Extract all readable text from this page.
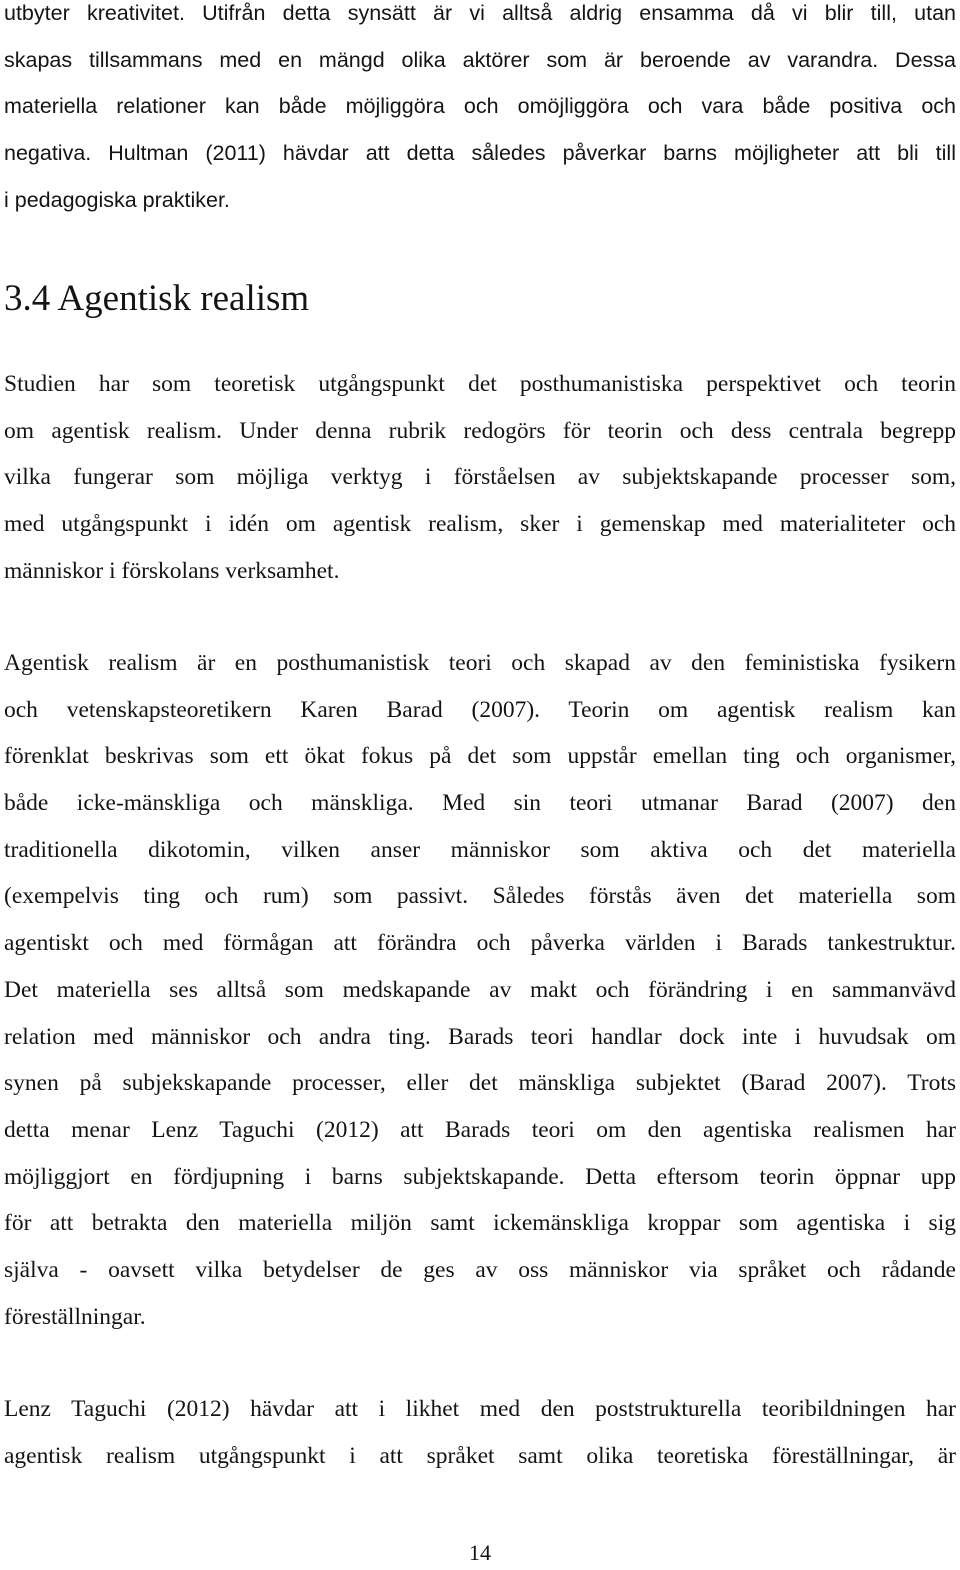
utbyter kreativitet. Utifrån detta synsätt är vi alltså aldrig ensamma då vi blir till, utan
skapas tillsammans med en mängd olika aktörer som är beroende av varandra. Dessa
materiella relationer kan både möjliggöra och omöjliggöra och vara både positiva och
negativa. Hultman (2011) hävdar att detta således påverkar barns möjligheter att bli till
i pedagogiska praktiker.
3.4 Agentisk realism
Studien har som teoretisk utgångspunkt det posthumanistiska perspektivet och teorin
om agentisk realism. Under denna rubrik redogörs för teorin och dess centrala begrepp
vilka fungerar som möjliga verktyg i förståelsen av subjektskapande processer som,
med utgångspunkt i idén om agentisk realism, sker i gemenskap med materialiteter och
människor i förskolans verksamhet.
Agentisk realism är en posthumanistisk teori och skapad av den feministiska fysikern
och vetenskapsteoretikern Karen Barad (2007). Teorin om agentisk realism kan
förenklat beskrivas som ett ökat fokus på det som uppstår emellan ting och organismer,
både icke-mänskliga och mänskliga. Med sin teori utmanar Barad (2007) den
traditionella dikotomin, vilken anser människor som aktiva och det materiella
(exempelvis ting och rum) som passivt. Således förstås även det materiella som
agentiskt och med förmågan att förändra och påverka världen i Barads tankestruktur.
Det materiella ses alltså som medskapande av makt och förändring i en sammanvävd
relation med människor och andra ting. Barads teori handlar dock inte i huvudsak om
synen på subjekskapande processer, eller det mänskliga subjektet (Barad 2007). Trots
detta menar Lenz Taguchi (2012) att Barads teori om den agentiska realismen har
möjliggjort en fördjupning i barns subjektskapande. Detta eftersom teorin öppnar upp
för att betrakta den materiella miljön samt ickemänskliga kroppar som agentiska i sig
själva - oavsett vilka betydelser de ges av oss människor via språket och rådande
föreställningar.
Lenz Taguchi (2012) hävdar att i likhet med den poststrukturella teoribildningen har
agentisk realism utgångspunkt i att språket samt olika teoretiska föreställningar, är
14
